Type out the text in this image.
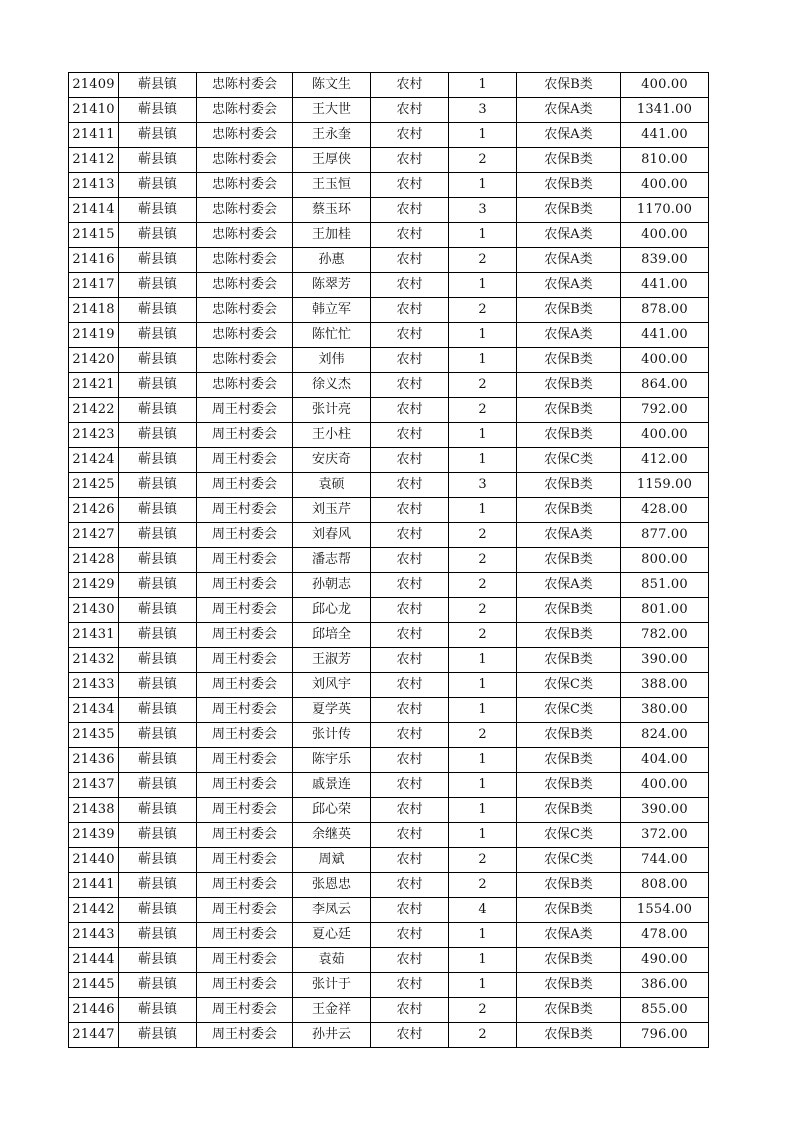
21409	蕲县镇	忠陈村委会	陈文生	农村	1	农保B类	400.00
21410	蕲县镇	忠陈村委会	王大世	农村	3	农保A类	1341.00
21411	蕲县镇	忠陈村委会	王永奎	农村	1	农保A类	441.00
21412	蕲县镇	忠陈村委会	王厚侠	农村	2	农保B类	810.00
21413	蕲县镇	忠陈村委会	王玉恒	农村	1	农保B类	400.00
21414	蕲县镇	忠陈村委会	蔡玉环	农村	3	农保B类	1170.00
21415	蕲县镇	忠陈村委会	王加桂	农村	1	农保A类	400.00
21416	蕲县镇	忠陈村委会	孙惠	农村	2	农保A类	839.00
21417	蕲县镇	忠陈村委会	陈翠芳	农村	1	农保A类	441.00
21418	蕲县镇	忠陈村委会	韩立军	农村	2	农保B类	878.00
21419	蕲县镇	忠陈村委会	陈忙忙	农村	1	农保A类	441.00
21420	蕲县镇	忠陈村委会	刘伟	农村	1	农保B类	400.00
21421	蕲县镇	忠陈村委会	徐义杰	农村	2	农保B类	864.00
21422	蕲县镇	周王村委会	张计亮	农村	2	农保B类	792.00
21423	蕲县镇	周王村委会	王小柱	农村	1	农保B类	400.00
21424	蕲县镇	周王村委会	安庆奇	农村	1	农保C类	412.00
21425	蕲县镇	周王村委会	袁硕	农村	3	农保B类	1159.00
21426	蕲县镇	周王村委会	刘玉芹	农村	1	农保B类	428.00
21427	蕲县镇	周王村委会	刘春风	农村	2	农保A类	877.00
21428	蕲县镇	周王村委会	潘志帮	农村	2	农保B类	800.00
21429	蕲县镇	周王村委会	孙朝志	农村	2	农保A类	851.00
21430	蕲县镇	周王村委会	邱心龙	农村	2	农保B类	801.00
21431	蕲县镇	周王村委会	邱培全	农村	2	农保B类	782.00
21432	蕲县镇	周王村委会	王淑芳	农村	1	农保B类	390.00
21433	蕲县镇	周王村委会	刘风宇	农村	1	农保C类	388.00
21434	蕲县镇	周王村委会	夏学英	农村	1	农保C类	380.00
21435	蕲县镇	周王村委会	张计传	农村	2	农保B类	824.00
21436	蕲县镇	周王村委会	陈宇乐	农村	1	农保B类	404.00
21437	蕲县镇	周王村委会	戚景连	农村	1	农保B类	400.00
21438	蕲县镇	周王村委会	邱心荣	农村	1	农保B类	390.00
21439	蕲县镇	周王村委会	余继英	农村	1	农保C类	372.00
21440	蕲县镇	周王村委会	周斌	农村	2	农保C类	744.00
21441	蕲县镇	周王村委会	张恩忠	农村	2	农保B类	808.00
21442	蕲县镇	周王村委会	李凤云	农村	4	农保B类	1554.00
21443	蕲县镇	周王村委会	夏心廷	农村	1	农保A类	478.00
21444	蕲县镇	周王村委会	袁茹	农村	1	农保B类	490.00
21445	蕲县镇	周王村委会	张计于	农村	1	农保B类	386.00
21446	蕲县镇	周王村委会	王金祥	农村	2	农保B类	855.00
21447	蕲县镇	周王村委会	孙井云	农村	2	农保B类	796.00
